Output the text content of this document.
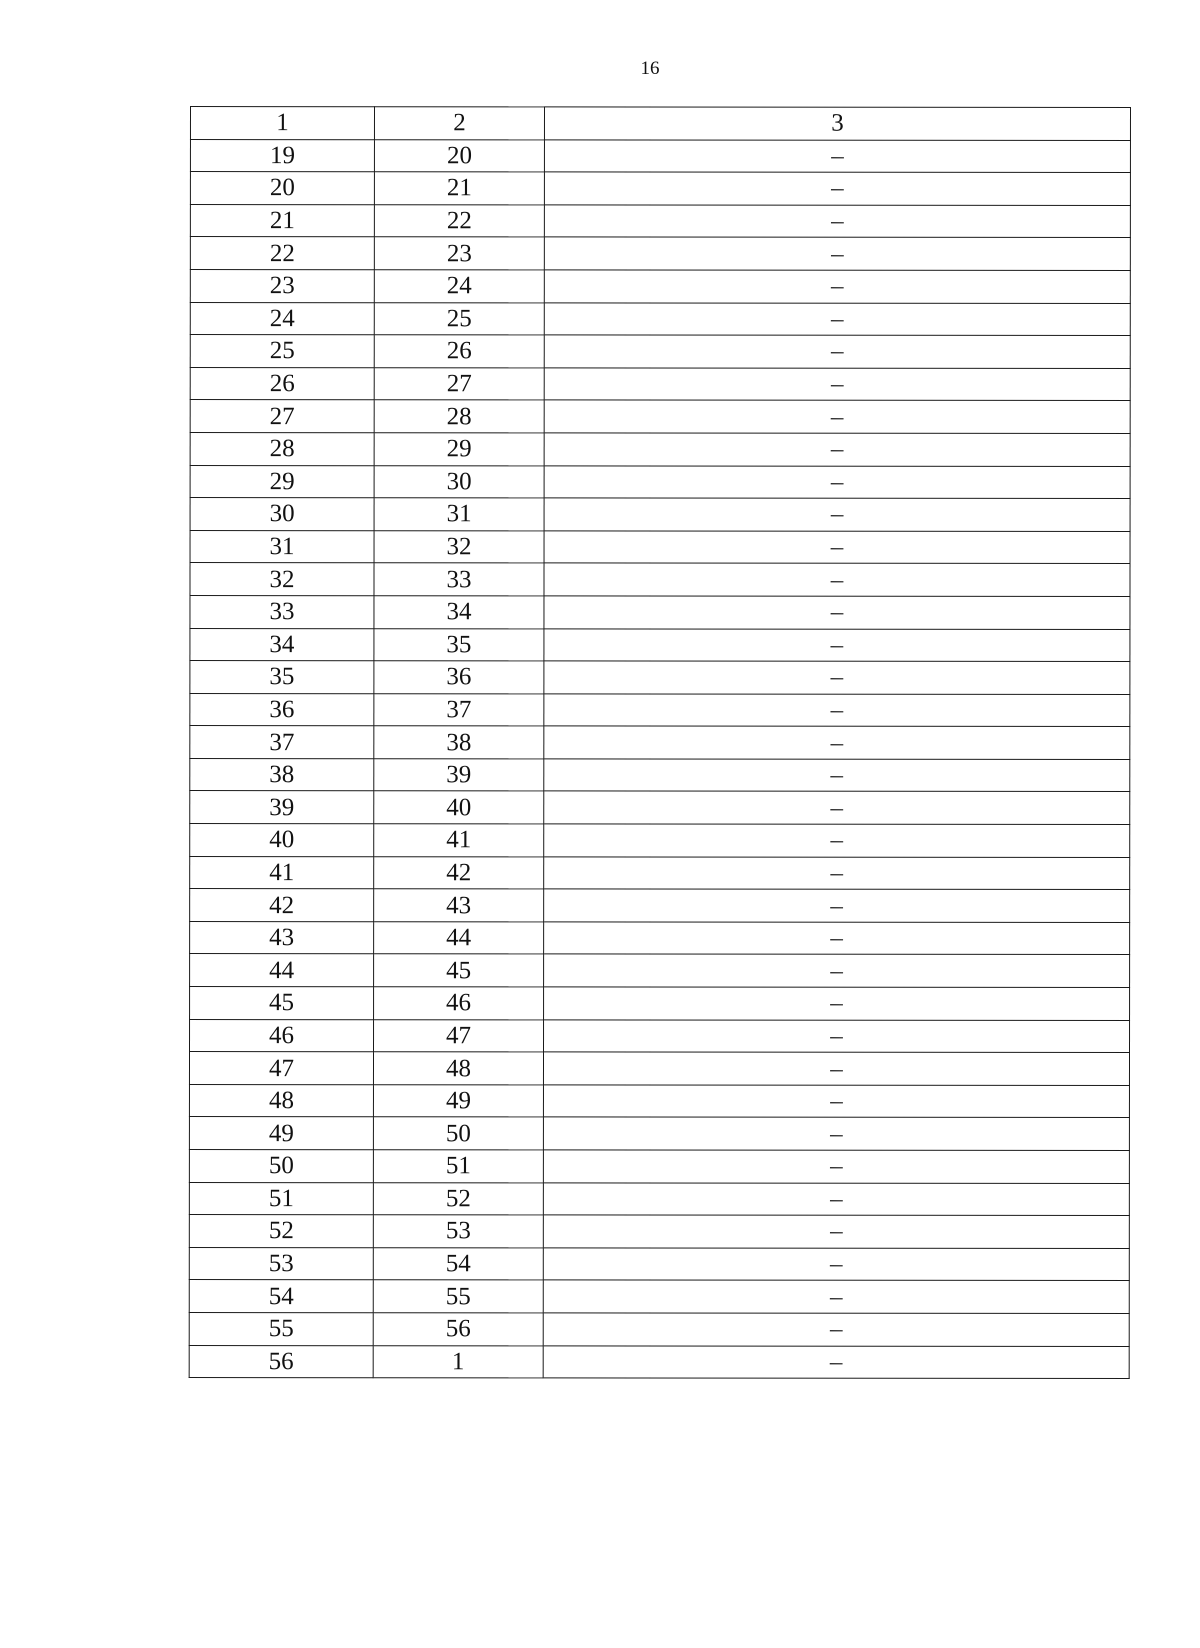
16
1	2	3
19	20	–
20	21	–
21	22	–
22	23	–
23	24	–
24	25	–
25	26	–
26	27	–
27	28	–
28	29	–
29	30	–
30	31	–
31	32	–
32	33	–
33	34	–
34	35	–
35	36	–
36	37	–
37	38	–
38	39	–
39	40	–
40	41	–
41	42	–
42	43	–
43	44	–
44	45	–
45	46	–
46	47	–
47	48	–
48	49	–
49	50	–
50	51	–
51	52	–
52	53	–
53	54	–
54	55	–
55	56	–
56	1	–
